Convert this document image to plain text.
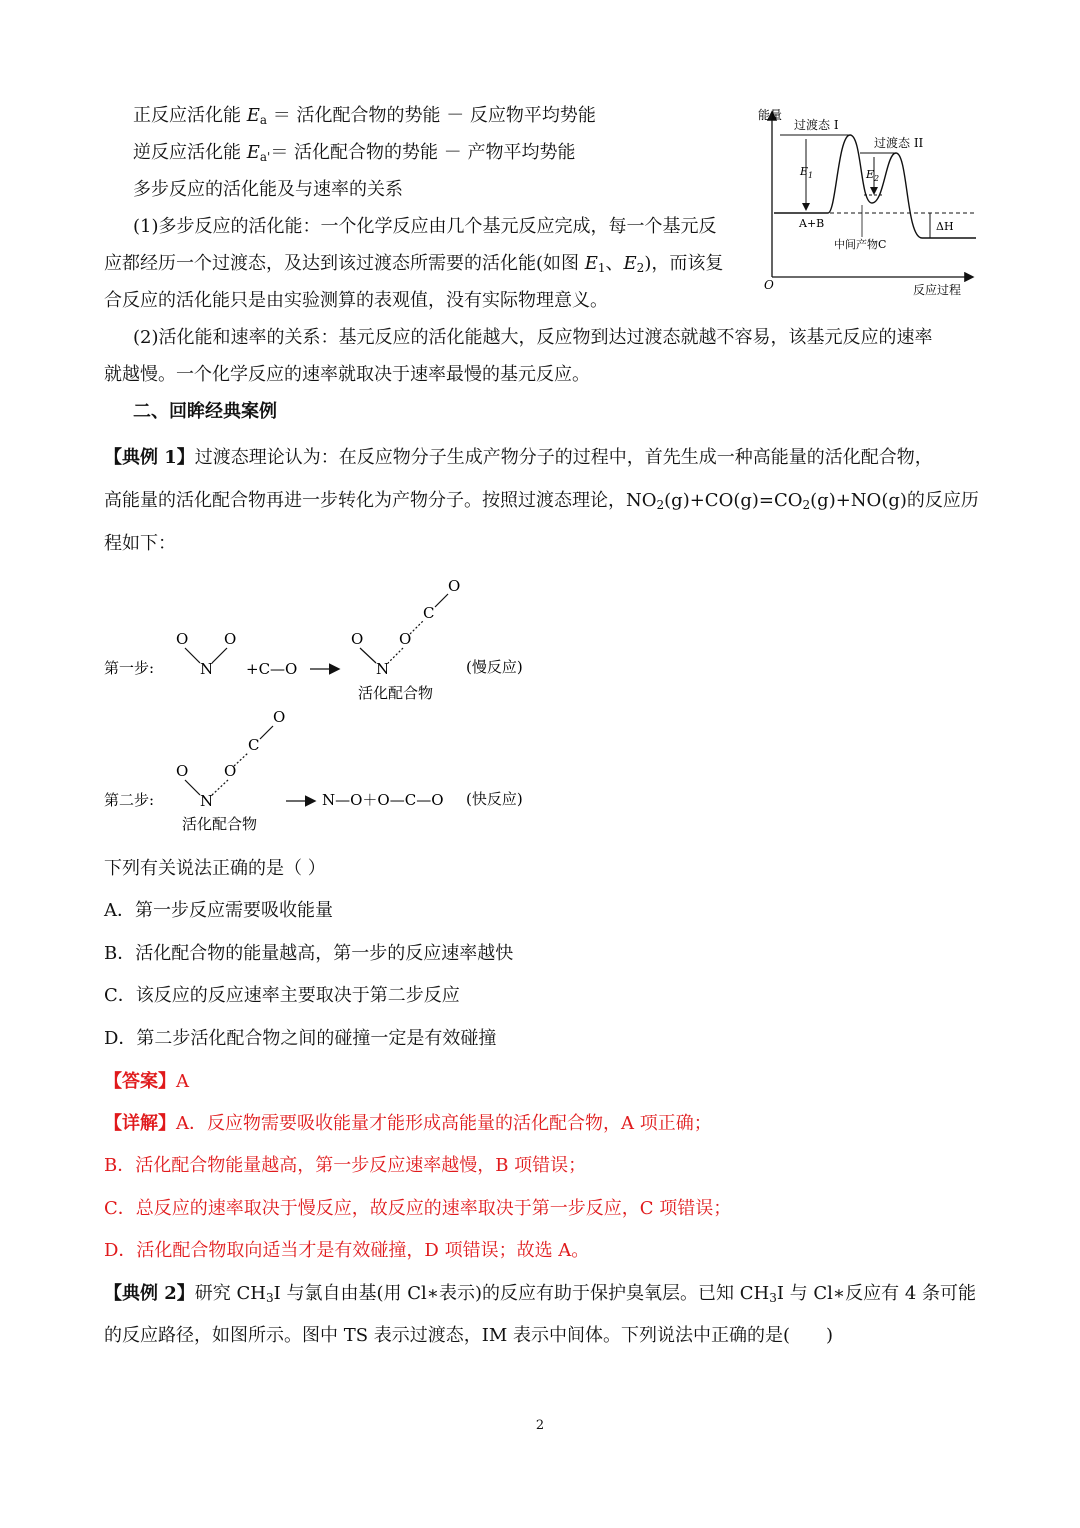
正反应活化能 $E_a$ ＝ 活化配合物的势能 － 反应物平均势能
逆反应活化能 $E_{a'}=$ 活化配合物的势能 － 产物平均势能
多步反应的活化能及与速率的关系
(1)多步反应的活化能：一个化学反应由几个基元反应完成，每一个基元反
应都经历一个过渡态，及达到该过渡态所需要的活化能(如图 $E_1$、$E_2$)，而该复
合反应的活化能只是由实验测算的表观值，没有实际物理意义。
(2)活化能和速率的关系：基元反应的活化能越大，反应物到达过渡态就越不容易，该基元反应的速率
就越慢。一个化学反应的速率就取决于速率最慢的基元反应。
二、回眸经典案例
【典例 1】过渡态理论认为：在反应物分子生成产物分子的过程中，首先生成一种高能量的活化配合物，
高能量的活化配合物再进一步转化为产物分子。按照过渡态理论，$NO_2(g)+CO(g)=CO_2(g)+NO(g)$的反应历
程如下：
能量
过渡态 I
过渡态 II
$E_1$	$E_2$
ΔH
A+B
中间产物C
O	反应过程
第一步:
O O
N +C—O
O O
N
C
O
活化配合物
(慢反应)
第二步:
O O
N
C
O
活化配合物
N—O＋O—C—O (快反应)
下列有关说法正确的是（ ）
A．第一步反应需要吸收能量
B．活化配合物的能量越高，第一步的反应速率越快
C．该反应的反应速率主要取决于第二步反应
D．第二步活化配合物之间的碰撞一定是有效碰撞
【答案】A
【详解】A．反应物需要吸收能量才能形成高能量的活化配合物，A 项正确；
B．活化配合物能量越高，第一步反应速率越慢，B 项错误；
C．总反应的速率取决于慢反应，故反应的速率取决于第一步反应，C 项错误；
D．活化配合物取向适当才是有效碰撞，D 项错误；故选 A。
【典例 2】研究 $CH_3I$ 与氯自由基(用 Cl∗表示)的反应有助于保护臭氧层。已知 $CH_3I$ 与 Cl∗反应有 4 条可能
的反应路径，如图所示。图中 TS 表示过渡态，IM 表示中间体。下列说法中正确的是(　　)
2
